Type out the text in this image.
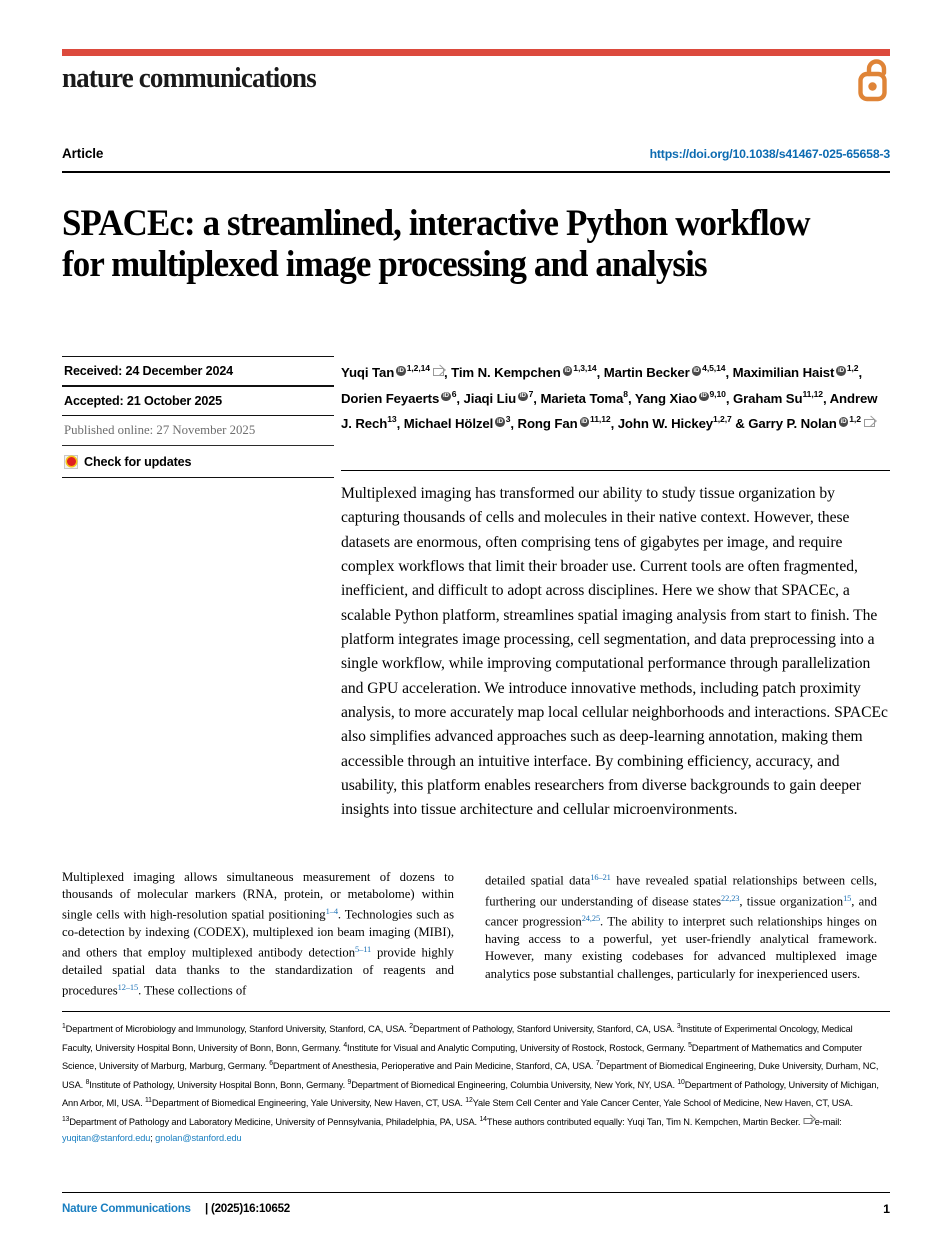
nature communications
Article	https://doi.org/10.1038/s41467-025-65658-3
SPACEc: a streamlined, interactive Python workflow for multiplexed image processing and analysis
Received: 24 December 2024
Accepted: 21 October 2025
Published online: 27 November 2025
Check for updates
Yuqi Tan iD $^{1,2,14}$ , Tim N. Kempchen iD $^{1,3,14}$, Martin Becker iD $^{4,5,14}$, Maximilian Haist iD $^{1,2}$, Dorien Feyaerts iD $^6$, Jiaqi Liu iD $^7$, Marieta Toma$^8$, Yang Xiao iD $^{9,10}$, Graham Su$^{11,12}$, Andrew J. Rech$^{13}$, Michael Hölzel iD $^3$, Rong Fan iD $^{11,12}$, John W. Hickey$^{1,2,7}$ & Garry P. Nolan iD $^{1,2}$
Multiplexed imaging has transformed our ability to study tissue organization by capturing thousands of cells and molecules in their native context. However, these datasets are enormous, often comprising tens of gigabytes per image, and require complex workflows that limit their broader use. Current tools are often fragmented, inefficient, and difficult to adopt across disciplines. Here we show that SPACEc, a scalable Python platform, streamlines spatial imaging analysis from start to finish. The platform integrates image processing, cell segmentation, and data preprocessing into a single workflow, while improving computational performance through parallelization and GPU acceleration. We introduce innovative methods, including patch proximity analysis, to more accurately map local cellular neighborhoods and interactions. SPACEc also simplifies advanced approaches such as deep-learning annotation, making them accessible through an intuitive interface. By combining efficiency, accuracy, and usability, this platform enables researchers from diverse backgrounds to gain deeper insights into tissue architecture and cellular microenvironments.
Multiplexed imaging allows simultaneous measurement of dozens to thousands of molecular markers (RNA, protein, or metabolome) within single cells with high-resolution spatial positioning$^{1-4}$. Technologies such as co-detection by indexing (CODEX), multiplexed ion beam imaging (MIBI), and others that employ multiplexed antibody detection$^{5-11}$ provide highly detailed spatial data thanks to the standardization of reagents and procedures$^{12-15}$. These collections of
detailed spatial data$^{16-21}$ have revealed spatial relationships between cells, furthering our understanding of disease states$^{22,23}$, tissue organization$^{15}$, and cancer progression$^{24,25}$. The ability to interpret such relationships hinges on having access to a powerful, yet user-friendly analytical framework. However, many existing codebases for advanced multiplexed image analytics pose substantial challenges, particularly for inexperienced users.
$^1$Department of Microbiology and Immunology, Stanford University, Stanford, CA, USA. $^2$Department of Pathology, Stanford University, Stanford, CA, USA. $^3$Institute of Experimental Oncology, Medical Faculty, University Hospital Bonn, University of Bonn, Bonn, Germany. $^4$Institute for Visual and Analytic Computing, University of Rostock, Rostock, Germany. $^5$Department of Mathematics and Computer Science, University of Marburg, Marburg, Germany. $^6$Department of Anesthesia, Perioperative and Pain Medicine, Stanford, CA, USA. $^7$Department of Biomedical Engineering, Duke University, Durham, NC, USA. $^8$Institute of Pathology, University Hospital Bonn, Bonn, Germany. $^9$Department of Biomedical Engineering, Columbia University, New York, NY, USA. $^{10}$Department of Pathology, University of Michigan, Ann Arbor, MI, USA. $^{11}$Department of Biomedical Engineering, Yale University, New Haven, CT, USA. $^{12}$Yale Stem Cell Center and Yale Cancer Center, Yale School of Medicine, New Haven, CT, USA. $^{13}$Department of Pathology and Laboratory Medicine, University of Pennsylvania, Philadelphia, PA, USA. $^{14}$These authors contributed equally: Yuqi Tan, Tim N. Kempchen, Martin Becker. e-mail: yuqitan@stanford.edu; gnolan@stanford.edu
Nature Communications | (2025)16:10652	1
